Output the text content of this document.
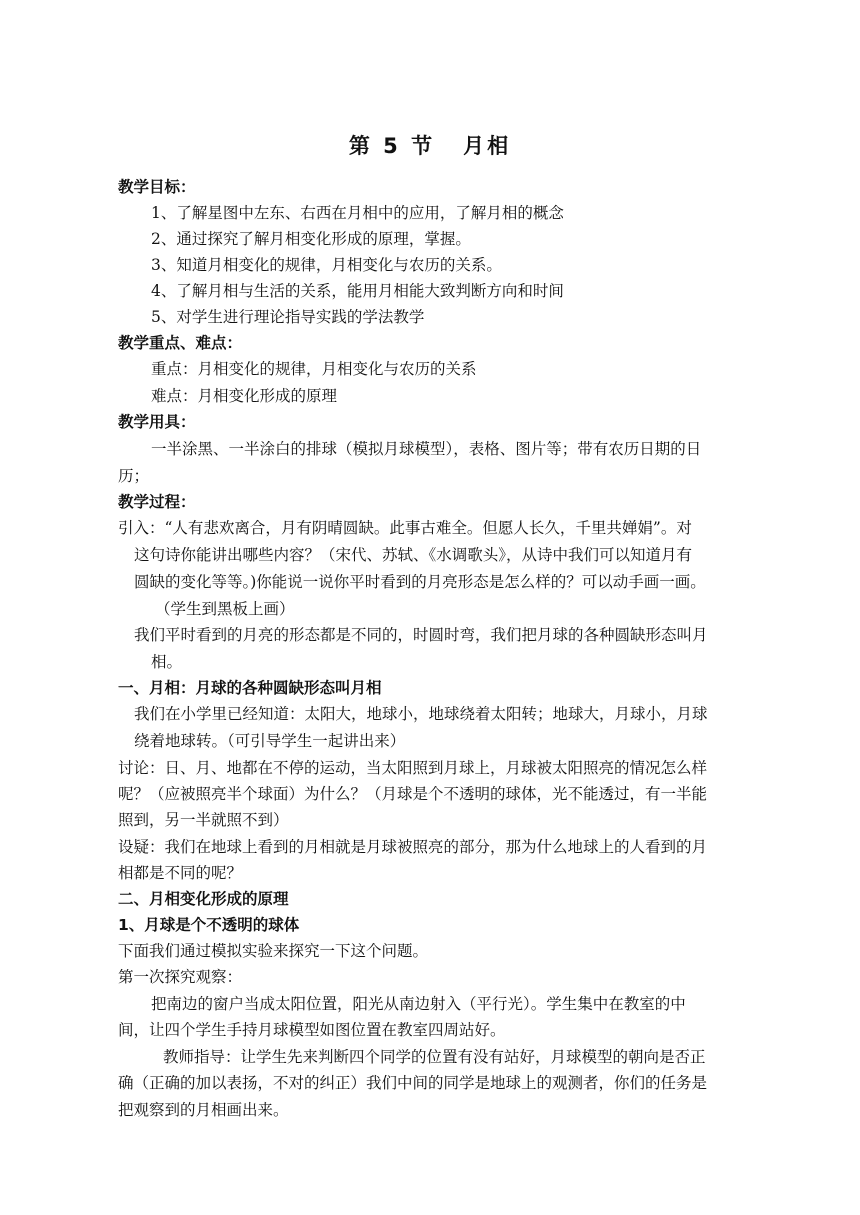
第 5 节 月相
教学目标：
1、了解星图中左东、右西在月相中的应用，了解月相的概念
2、通过探究了解月相变化形成的原理，掌握。
3、知道月相变化的规律，月相变化与农历的关系。
4、了解月相与生活的关系，能用月相能大致判断方向和时间
5、对学生进行理论指导实践的学法教学
教学重点、难点：
重点：月相变化的规律，月相变化与农历的关系
难点：月相变化形成的原理
教学用具：
一半涂黑、一半涂白的排球（模拟月球模型），表格、图片等；带有农历日期的日
历；
教学过程：
引入：“人有悲欢离合，月有阴晴圆缺。此事古难全。但愿人长久，千里共婵娟”。对
这句诗你能讲出哪些内容？（宋代、苏轼、《水调歌头》，从诗中我们可以知道月有
圆缺的变化等等。)你能说一说你平时看到的月亮形态是怎么样的？可以动手画一画。
（学生到黑板上画）
我们平时看到的月亮的形态都是不同的，时圆时弯，我们把月球的各种圆缺形态叫月
相。
一、月相：月球的各种圆缺形态叫月相
我们在小学里已经知道：太阳大，地球小，地球绕着太阳转；地球大，月球小，月球
绕着地球转。（可引导学生一起讲出来）
讨论：日、月、地都在不停的运动，当太阳照到月球上，月球被太阳照亮的情况怎么样
呢？（应被照亮半个球面）为什么？（月球是个不透明的球体，光不能透过，有一半能
照到，另一半就照不到）
设疑：我们在地球上看到的月相就是月球被照亮的部分，那为什么地球上的人看到的月
相都是不同的呢？
二、月相变化形成的原理
1、月球是个不透明的球体
下面我们通过模拟实验来探究一下这个问题。
第一次探究观察：
把南边的窗户当成太阳位置，阳光从南边射入（平行光）。学生集中在教室的中
间，让四个学生手持月球模型如图位置在教室四周站好。
教师指导：让学生先来判断四个同学的位置有没有站好，月球模型的朝向是否正
确（正确的加以表扬，不对的纠正）我们中间的同学是地球上的观测者，你们的任务是
把观察到的月相画出来。
